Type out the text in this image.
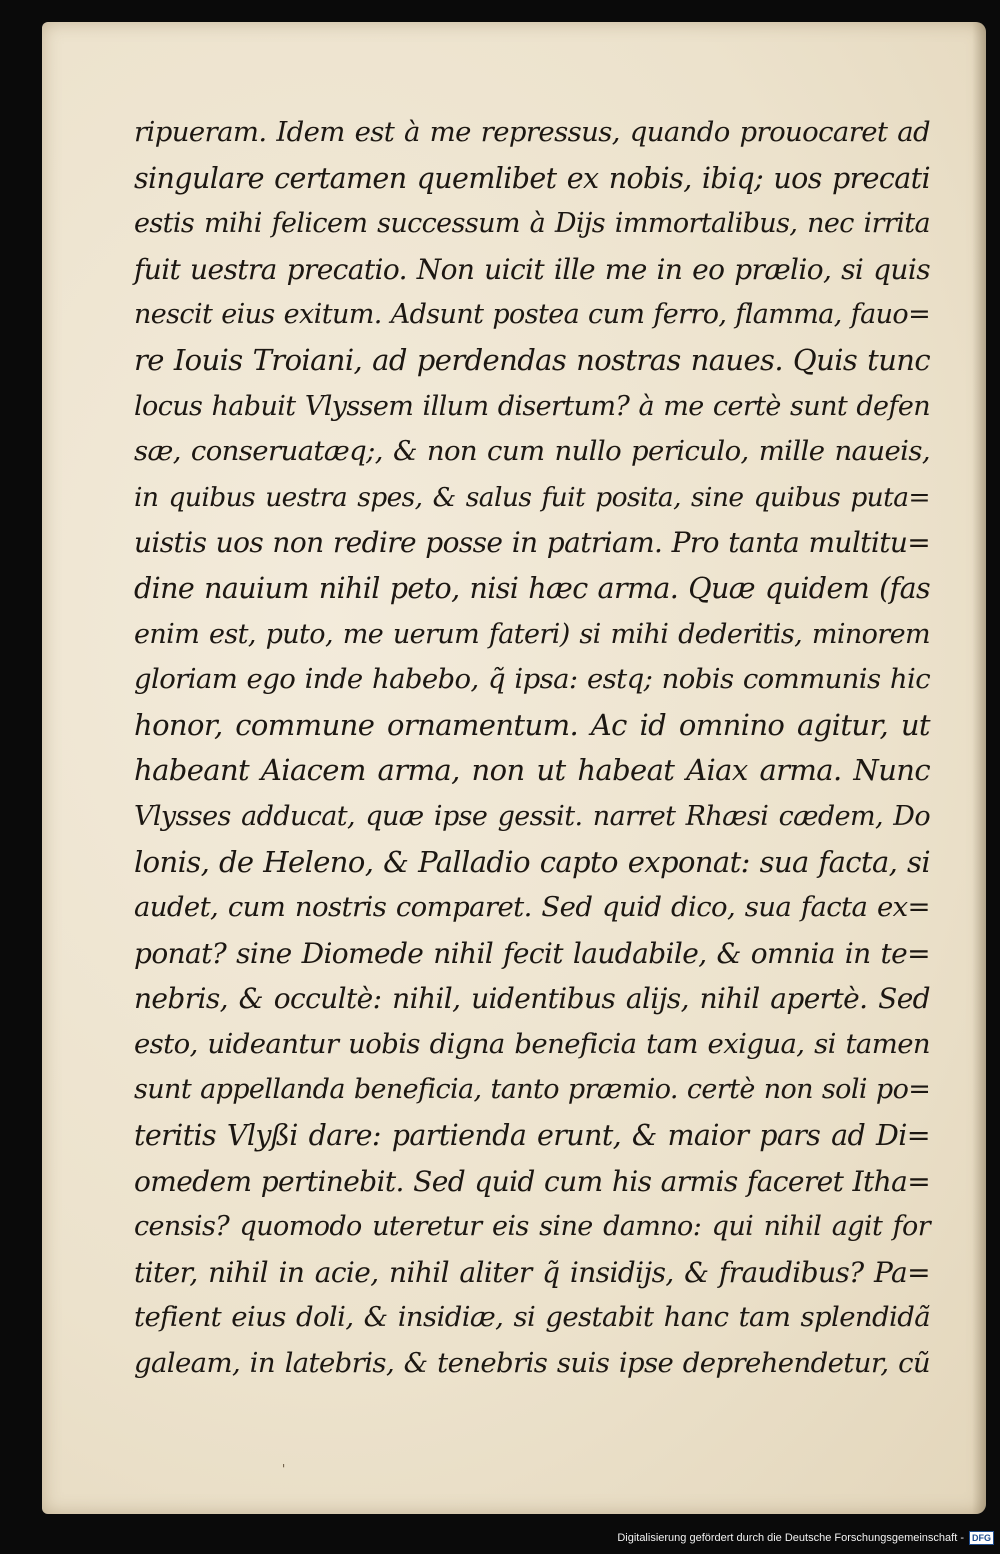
ripueram. Idem est à me repressus, quando prouocaret ad
singulare certamen quemlibet ex nobis, ibiq; uos precati
estis mihi felicem successum à Dijs immortalibus, nec irrita
fuit uestra precatio. Non uicit ille me in eo prælio, si quis
nescit eius exitum. Adsunt postea cum ferro, flamma, fauo=
re Iouis Troiani, ad perdendas nostras naues. Quis tunc
locus habuit Vlyssem illum disertum? à me certè sunt defen
sæ, conseruatæq;, & non cum nullo periculo, mille naueis,
in quibus uestra spes, & salus fuit posita, sine quibus puta=
uistis uos non redire posse in patriam. Pro tanta multitu=
dine nauium nihil peto, nisi hæc arma. Quæ quidem (fas
enim est, puto, me uerum fateri) si mihi dederitis, minorem
gloriam ego inde habebo, q̃ ipsa: estq; nobis communis hic
honor, commune ornamentum. Ac id omnino agitur, ut
habeant Aiacem arma, non ut habeat Aiax arma. Nunc
Vlysses adducat, quæ ipse gessit. narret Rhæsi cædem, Do
lonis, de Heleno, & Palladio capto exponat: sua facta, si
audet, cum nostris comparet. Sed quid dico, sua facta ex=
ponat? sine Diomede nihil fecit laudabile, & omnia in te=
nebris, & occultè: nihil, uidentibus alijs, nihil apertè. Sed
esto, uideantur uobis digna beneficia tam exigua, si tamen
sunt appellanda beneficia, tanto præmio. certè non soli po=
teritis Vlyßi dare: partienda erunt, & maior pars ad Di=
omedem pertinebit. Sed quid cum his armis faceret Itha=
censis? quomodo uteretur eis sine damno: qui nihil agit for
titer, nihil in acie, nihil aliter q̃ insidijs, & fraudibus? Pa=
tefient eius doli, & insidiæ, si gestabit hanc tam splendidã
galeam, in latebris, & tenebris suis ipse deprehendetur, cũ
'
Digitalisierung gefördert durch die Deutsche Forschungsgemeinschaft - DFG
